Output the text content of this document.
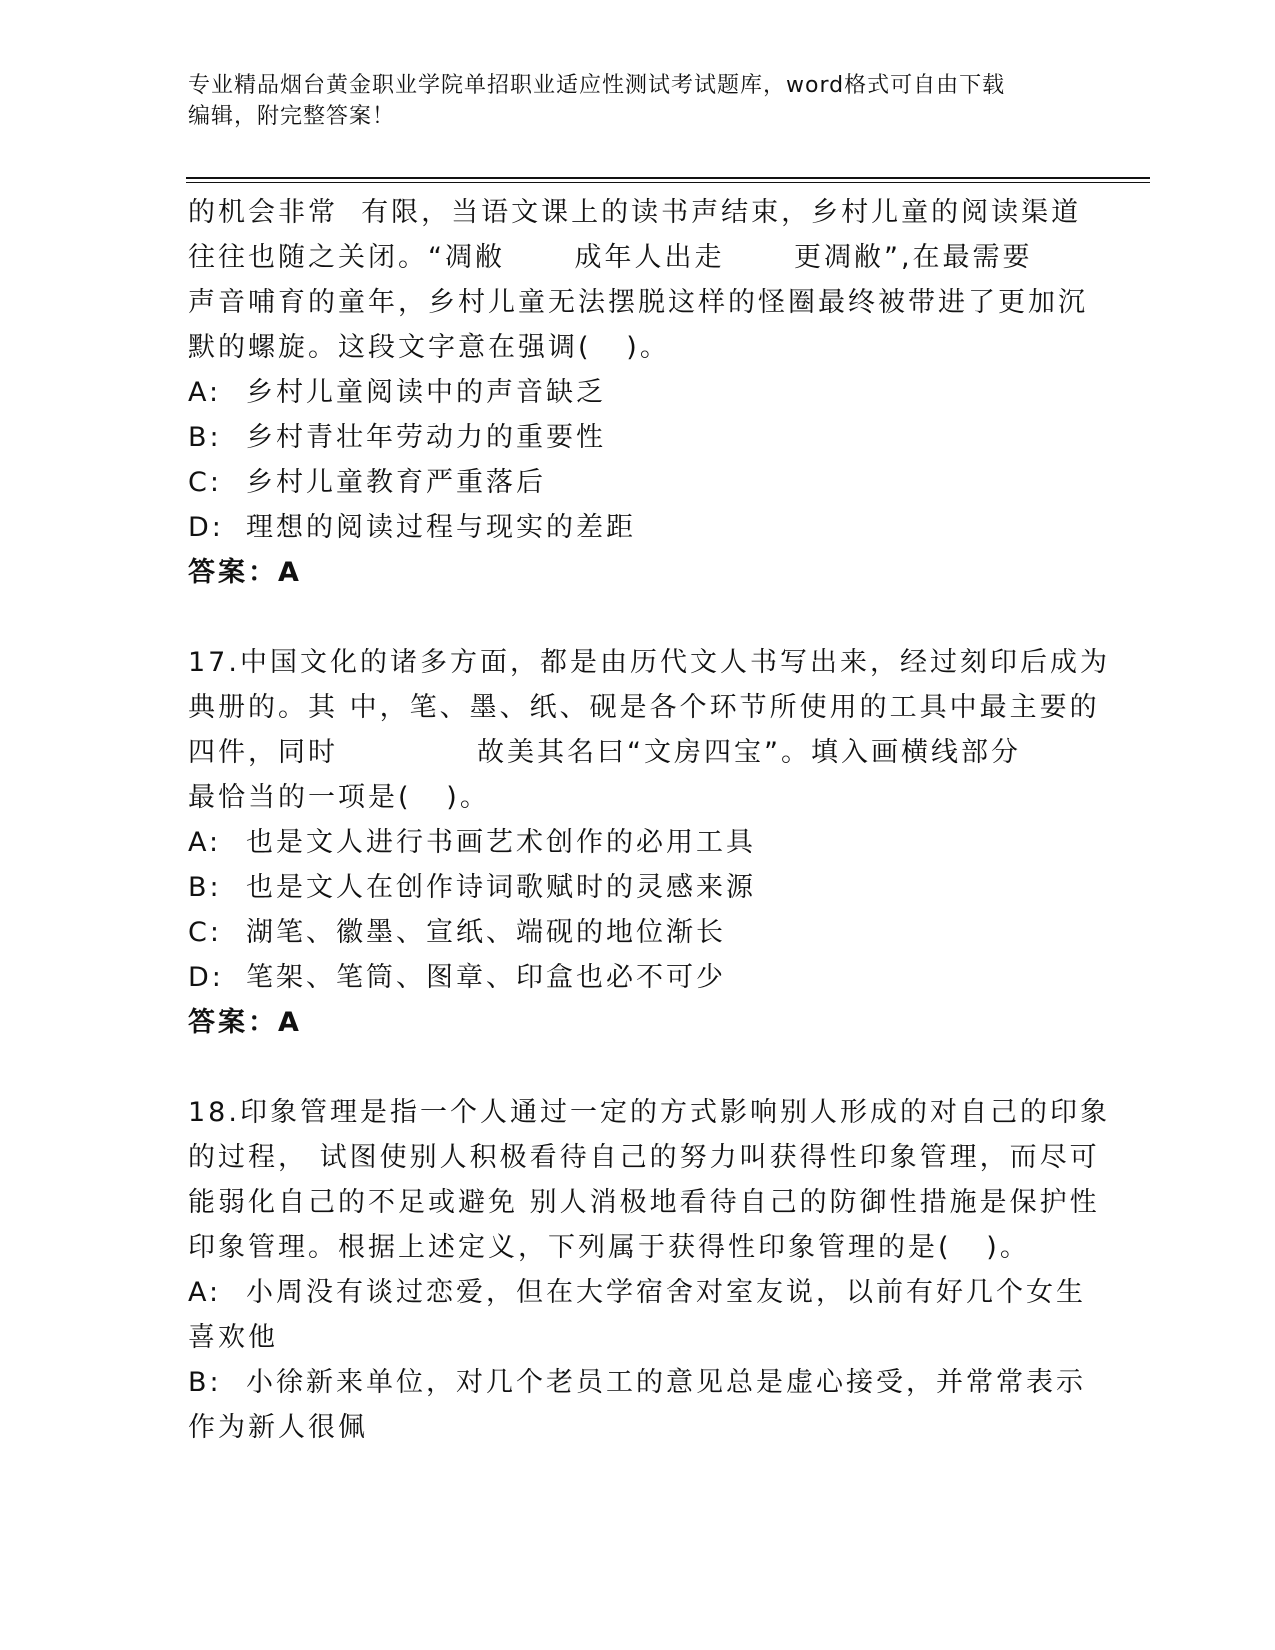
专业精品烟台黄金职业学院单招职业适应性测试考试题库，word格式可自由下载
编辑，附完整答案！
的机会非常  有限，当语文课上的读书声结束，乡村儿童的阅读渠道
往往也随之关闭。“凋敝      成年人出走      更凋敝”,在最需要
声音哺育的童年，乡村儿童无法摆脱这样的怪圈最终被带进了更加沉
默的螺旋。这段文字意在强调(   )。
A: 乡村儿童阅读中的声音缺乏
B: 乡村青壮年劳动力的重要性
C: 乡村儿童教育严重落后
D: 理想的阅读过程与现实的差距
答案：A
17.中国文化的诸多方面，都是由历代文人书写出来，经过刻印后成为
典册的。其 中，笔、墨、纸、砚是各个环节所使用的工具中最主要的
四件，同时            故美其名曰“文房四宝”。填入画横线部分
最恰当的一项是(   )。
A: 也是文人进行书画艺术创作的必用工具
B: 也是文人在创作诗词歌赋时的灵感来源
C: 湖笔、徽墨、宣纸、端砚的地位渐长
D: 笔架、笔筒、图章、印盒也必不可少
答案：A
18.印象管理是指一个人通过一定的方式影响别人形成的对自己的印象
的过程， 试图使别人积极看待自己的努力叫获得性印象管理，而尽可
能弱化自己的不足或避免 别人消极地看待自己的防御性措施是保护性
印象管理。根据上述定义，下列属于获得性印象管理的是(   )。
A: 小周没有谈过恋爱，但在大学宿舍对室友说，以前有好几个女生
喜欢他
B: 小徐新来单位，对几个老员工的意见总是虚心接受，并常常表示
作为新人很佩
